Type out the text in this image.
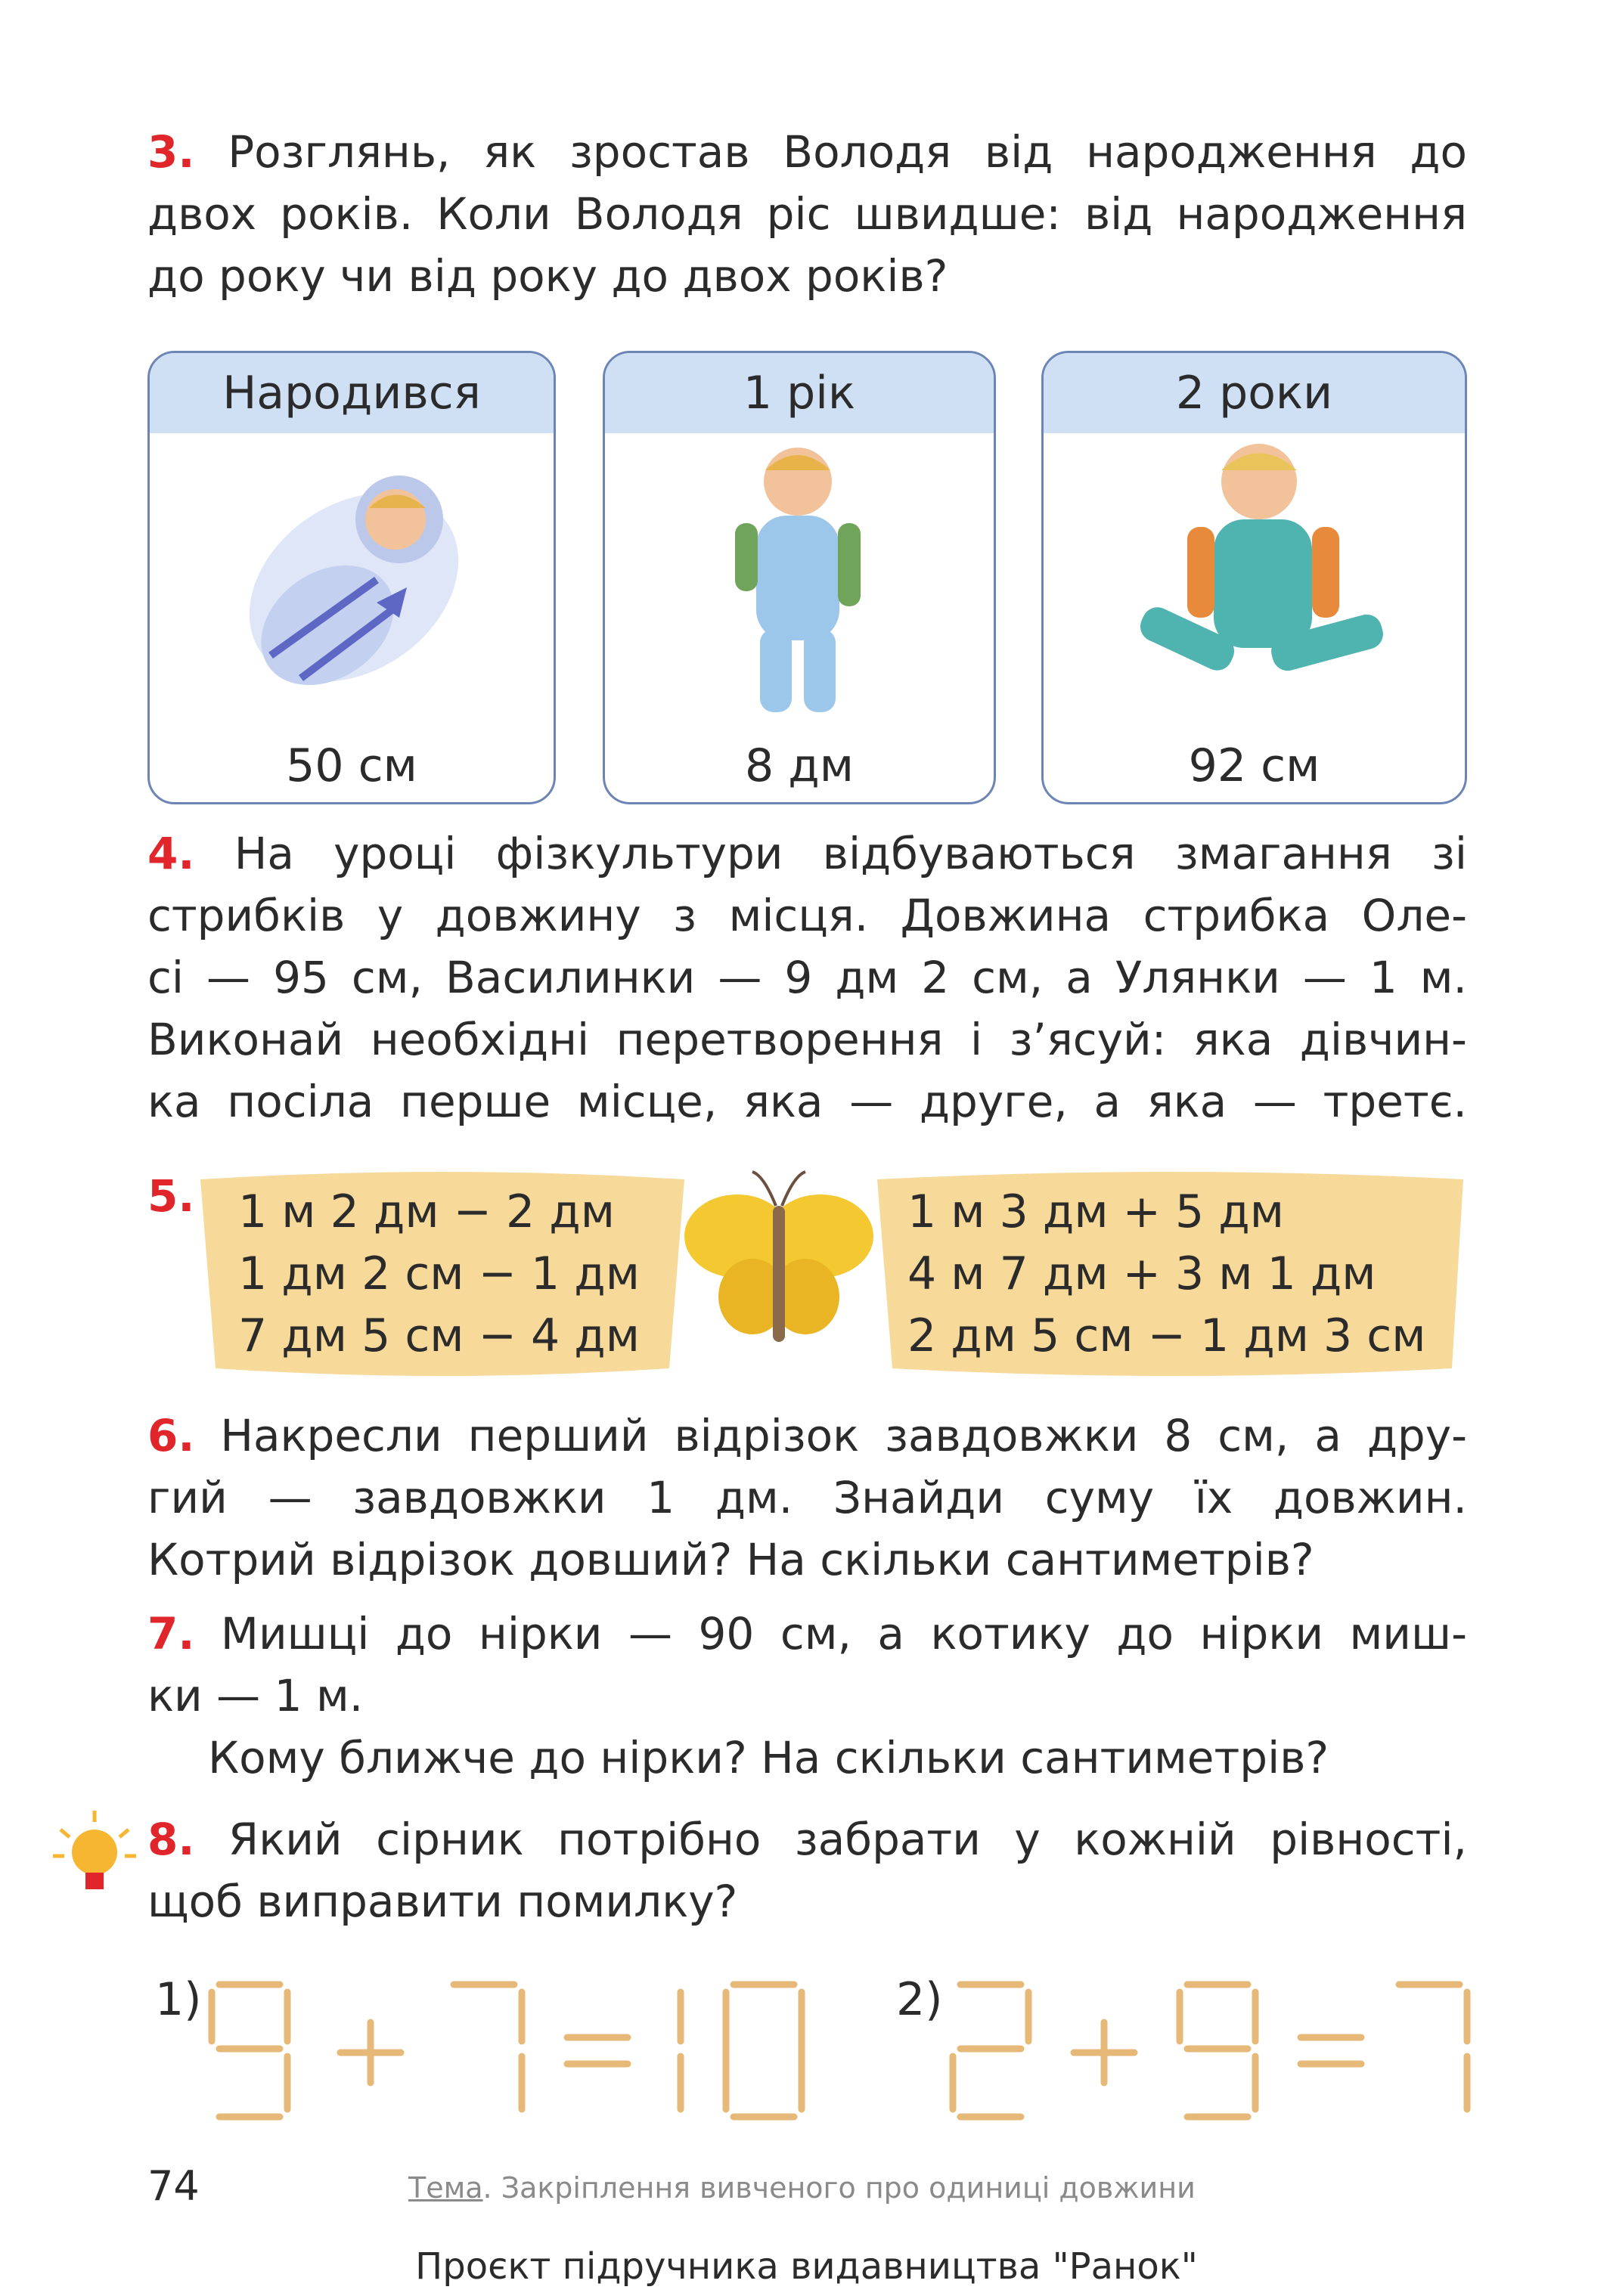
3. Розглянь, як зростав Володя від народження до
двох років. Коли Володя ріс швидше: від народження
до року чи від року до двох років?
Народився
50 см
1 рік
8 дм
2 роки
92 см
4. На уроці фізкультури відбуваються змагання зі
стрибків у довжину з місця. Довжина стрибка Оле-
сі — 95 см, Василинки — 9 дм 2 см, а Улянки — 1 м.
Виконай необхідні перетворення і з’ясуй: яка дівчин-
ка посіла перше місце, яка — друге, а яка — третє.
5. 1 м 2 дм − 2 дм
1 дм 2 см − 1 дм
7 дм 5 см − 4 дм
1 м 3 дм + 5 дм
4 м 7 дм + 3 м 1 дм
2 дм 5 см − 1 дм 3 см
6. Накресли перший відрізок завдовжки 8 см, а дру-
гий — завдовжки 1 дм. Знайди суму їх довжин.
Котрий відрізок довший? На скільки сантиметрів?
7. Мишці до нірки — 90 см, а котику до нірки миш-
ки — 1 м.
Кому ближче до нірки? На скільки сантиметрів?
8. Який сірник потрібно забрати у кожній рівності,
щоб виправити помилку?
1)	2)
74	Тема. Закріплення вивченого про одиниці довжини
Проєкт підручника видавництва "Ранок"
